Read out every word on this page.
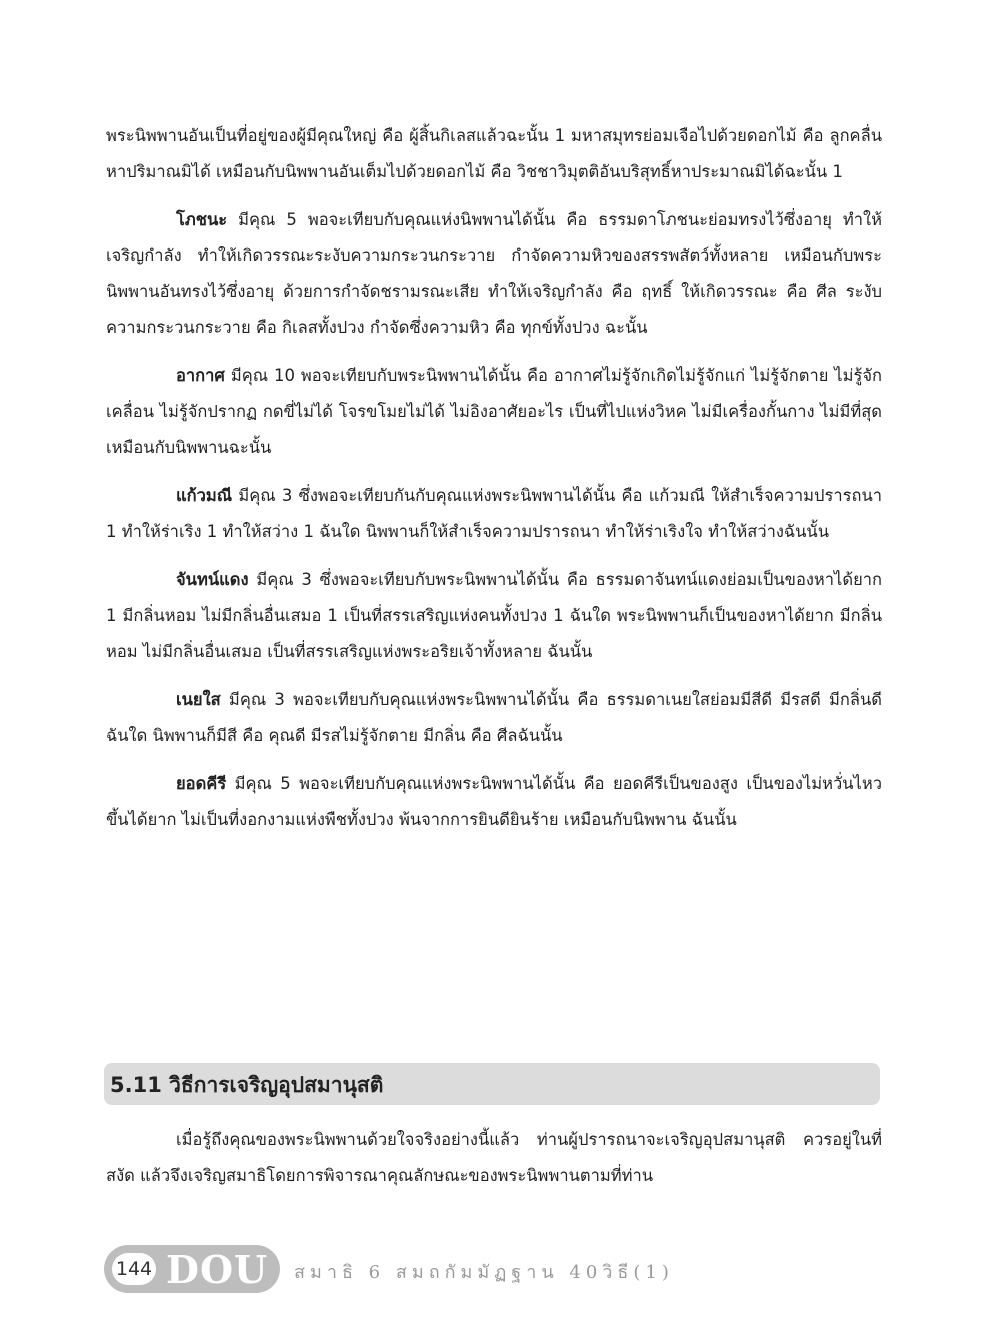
พระนิพพานอันเป็นที่อยู่ของผู้มีคุณใหญ่ คือ ผู้สิ้นกิเลสแล้วฉะนั้น 1 มหาสมุทรย่อมเจือไปด้วยดอกไม้ คือ ลูกคลื่นหาปริมาณมิได้ เหมือนกับนิพพานอันเต็มไปด้วยดอกไม้ คือ วิชชาวิมุตติอันบริสุทธิ์หาประมาณมิได้ฉะนั้น 1

โภชนะ มีคุณ 5 พอจะเทียบกับคุณแห่งนิพพานได้นั้น คือ ธรรมดาโภชนะย่อมทรงไว้ซึ่งอายุ ทำให้เจริญกำลัง ทำให้เกิดวรรณะระงับความกระวนกระวาย กำจัดความหิวของสรรพสัตว์ทั้งหลาย เหมือนกับพระนิพพานอันทรงไว้ซึ่งอายุ ด้วยการกำจัดชรามรณะเสีย ทำให้เจริญกำลัง คือ ฤทธิ์ ให้เกิดวรรณะ คือ ศีล ระงับความกระวนกระวาย คือ กิเลสทั้งปวง กำจัดซึ่งความหิว คือ ทุกข์ทั้งปวง ฉะนั้น

อากาศ มีคุณ 10 พอจะเทียบกับพระนิพพานได้นั้น คือ อากาศไม่รู้จักเกิดไม่รู้จักแก่ ไม่รู้จักตาย ไม่รู้จักเคลื่อน ไม่รู้จักปรากฏ กดขี่ไม่ได้ โจรขโมยไม่ได้ ไม่อิงอาศัยอะไร เป็นที่ไปแห่งวิหค ไม่มีเครื่องกั้นกาง ไม่มีที่สุด เหมือนกับนิพพานฉะนั้น

แก้วมณี มีคุณ 3 ซึ่งพอจะเทียบกันกับคุณแห่งพระนิพพานได้นั้น คือ แก้วมณี ให้สำเร็จความปรารถนา 1 ทำให้ร่าเริง 1 ทำให้สว่าง 1 ฉันใด นิพพานก็ให้สำเร็จความปรารถนา ทำให้ร่าเริงใจ ทำให้สว่างฉันนั้น

จันทน์แดง มีคุณ 3 ซึ่งพอจะเทียบกับพระนิพพานได้นั้น คือ ธรรมดาจันทน์แดงย่อมเป็นของหาได้ยาก 1 มีกลิ่นหอม ไม่มีกลิ่นอื่นเสมอ 1 เป็นที่สรรเสริญแห่งคนทั้งปวง 1 ฉันใด พระนิพพานก็เป็นของหาได้ยาก มีกลิ่นหอม ไม่มีกลิ่นอื่นเสมอ เป็นที่สรรเสริญแห่งพระอริยเจ้าทั้งหลาย ฉันนั้น

เนยใส มีคุณ 3 พอจะเทียบกับคุณแห่งพระนิพพานได้นั้น คือ ธรรมดาเนยใสย่อมมีสีดี มีรสดี มีกลิ่นดี ฉันใด นิพพานก็มีสี คือ คุณดี มีรสไม่รู้จักตาย มีกลิ่น คือ ศีลฉันนั้น

ยอดคีรี มีคุณ 5 พอจะเทียบกับคุณแห่งพระนิพพานได้นั้น คือ ยอดคีรีเป็นของสูง เป็นของไม่หวั่นไหว ขึ้นได้ยาก ไม่เป็นที่งอกงามแห่งพืชทั้งปวง พ้นจากการยินดียินร้าย เหมือนกับนิพพาน ฉันนั้น

5.11 วิธีการเจริญอุปสมานุสติ

เมื่อรู้ถึงคุณของพระนิพพานด้วยใจจริงอย่างนี้แล้ว ท่านผู้ปรารถนาจะเจริญอุปสมานุสติ ควรอยู่ในที่สงัด แล้วจึงเจริญสมาธิโดยการพิจารณาคุณลักษณะของพระนิพพานตามที่ท่าน

144 DOU สมาธิ 6 สมถกัมมัฏฐาน 40วิธี(1)
